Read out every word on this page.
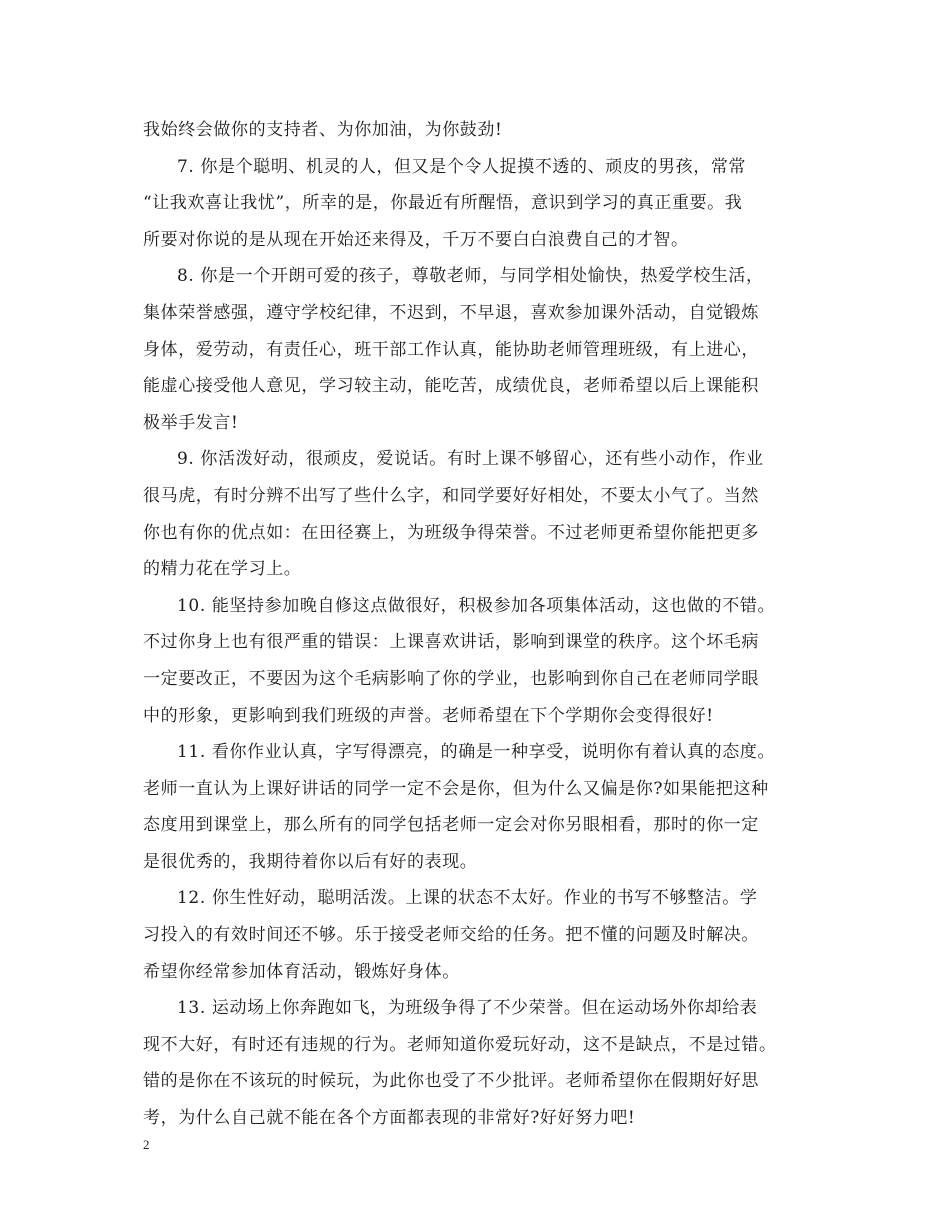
我始终会做你的支持者、为你加油，为你鼓劲!
7. 你是个聪明、机灵的人，但又是个令人捉摸不透的、顽皮的男孩，常常
“让我欢喜让我忧”，所幸的是，你最近有所醒悟，意识到学习的真正重要。我
所要对你说的是从现在开始还来得及，千万不要白白浪费自己的才智。
8. 你是一个开朗可爱的孩子，尊敬老师，与同学相处愉快，热爱学校生活，
集体荣誉感强，遵守学校纪律，不迟到，不早退，喜欢参加课外活动，自觉锻炼
身体，爱劳动，有责任心，班干部工作认真，能协助老师管理班级，有上进心，
能虚心接受他人意见，学习较主动，能吃苦，成绩优良，老师希望以后上课能积
极举手发言!
9. 你活泼好动，很顽皮，爱说话。有时上课不够留心，还有些小动作，作业
很马虎，有时分辨不出写了些什么字，和同学要好好相处，不要太小气了。当然
你也有你的优点如：在田径赛上，为班级争得荣誉。不过老师更希望你能把更多
的精力花在学习上。
10. 能坚持参加晚自修这点做很好，积极参加各项集体活动，这也做的不错。
不过你身上也有很严重的错误：上课喜欢讲话，影响到课堂的秩序。这个坏毛病
一定要改正，不要因为这个毛病影响了你的学业，也影响到你自己在老师同学眼
中的形象，更影响到我们班级的声誉。老师希望在下个学期你会变得很好!
11. 看你作业认真，字写得漂亮，的确是一种享受，说明你有着认真的态度。
老师一直认为上课好讲话的同学一定不会是你，但为什么又偏是你?如果能把这种
态度用到课堂上，那么所有的同学包括老师一定会对你另眼相看，那时的你一定
是很优秀的，我期待着你以后有好的表现。
12. 你生性好动，聪明活泼。上课的状态不太好。作业的书写不够整洁。学
习投入的有效时间还不够。乐于接受老师交给的任务。把不懂的问题及时解决。
希望你经常参加体育活动，锻炼好身体。
13. 运动场上你奔跑如飞，为班级争得了不少荣誉。但在运动场外你却给表
现不大好，有时还有违规的行为。老师知道你爱玩好动，这不是缺点，不是过错。
错的是你在不该玩的时候玩，为此你也受了不少批评。老师希望你在假期好好思
考，为什么自己就不能在各个方面都表现的非常好?好好努力吧!
2
